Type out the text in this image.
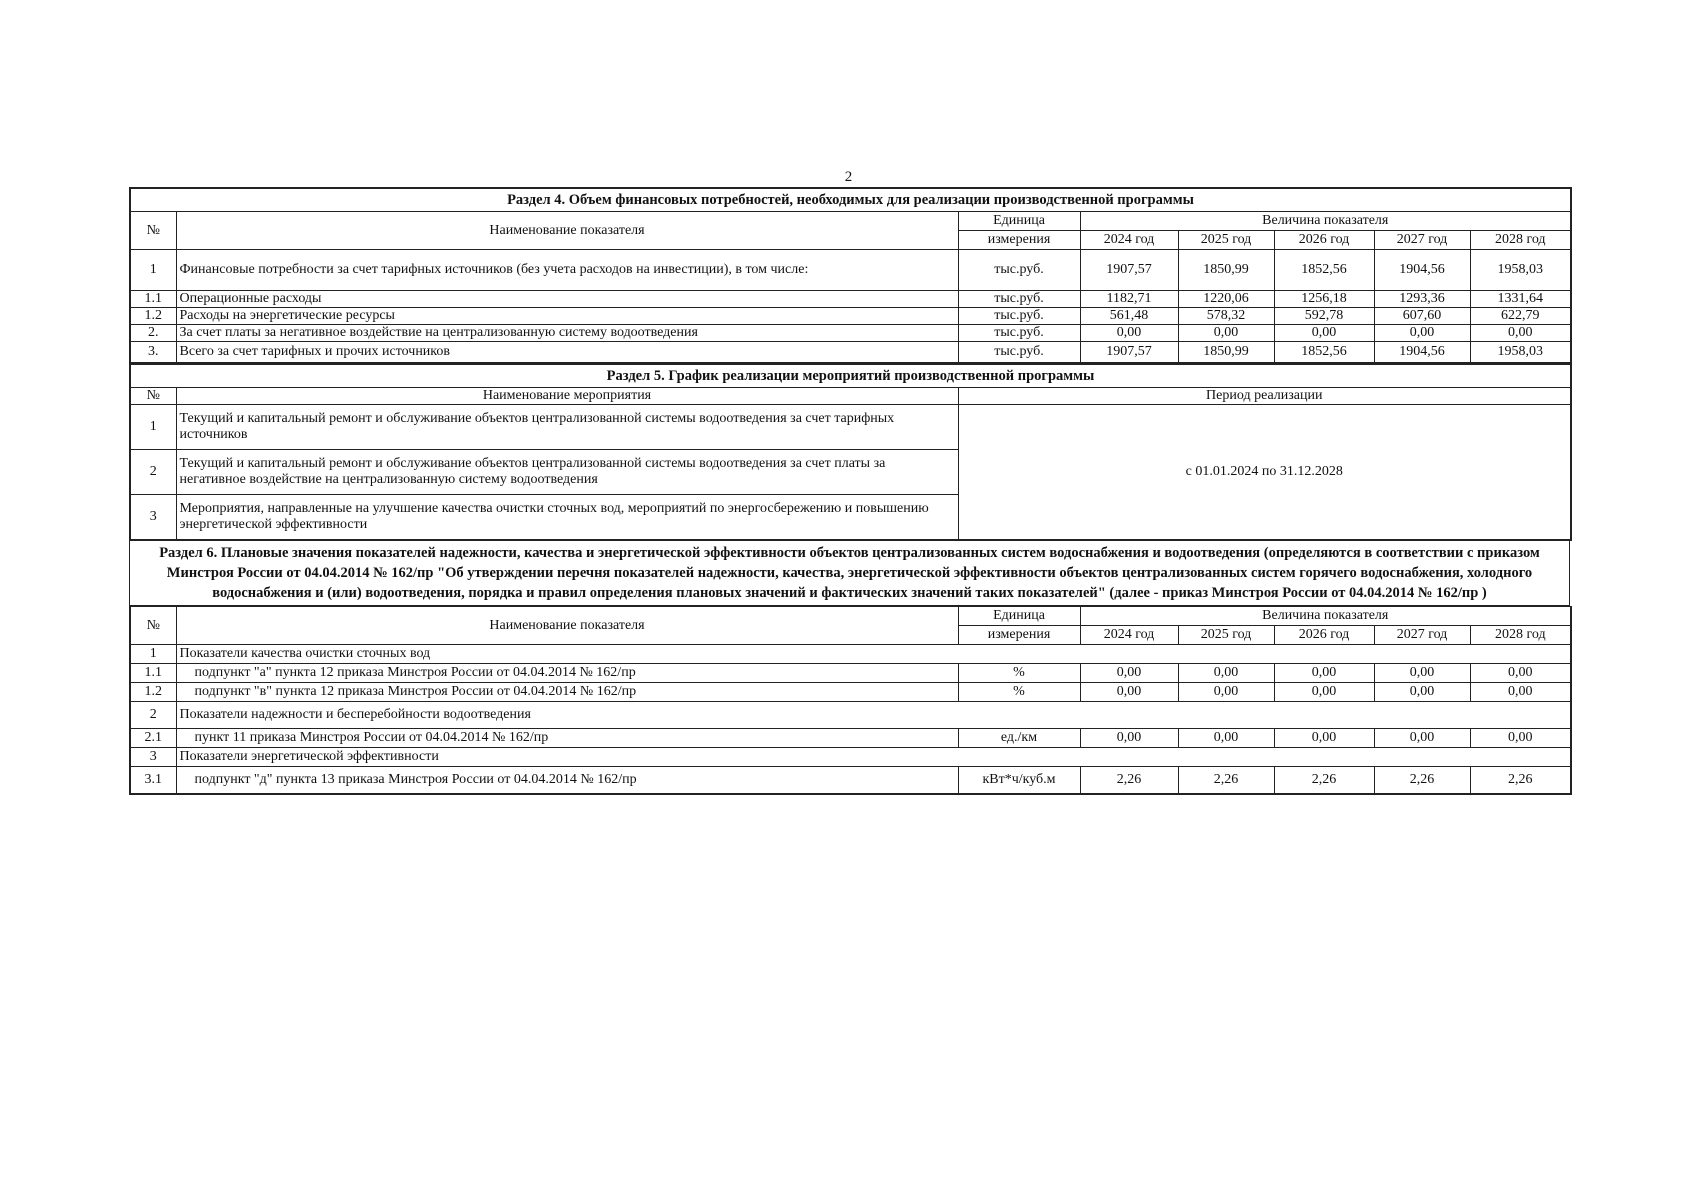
2
Раздел 4. Объем финансовых потребностей, необходимых для реализации производственной программы							
№	Наименование показателя	Единица	Величина показателя				
		измерения	2024 год	2025 год	2026 год	2027 год	2028 год
1	Финансовые потребности за счет тарифных источников (без учета расходов на инвестиции), в том числе:	тыс.руб.	1907,57	1850,99	1852,56	1904,56	1958,03
1.1	Операционные расходы	тыс.руб.	1182,71	1220,06	1256,18	1293,36	1331,64
1.2	Расходы на энергетические ресурсы	тыс.руб.	561,48	578,32	592,78	607,60	622,79
2.	За счет платы за негативное воздействие на централизованную систему водоотведения	тыс.руб.	0,00	0,00	0,00	0,00	0,00
3.	Всего за счет тарифных и прочих источников	тыс.руб.	1907,57	1850,99	1852,56	1904,56	1958,03
Раздел 5. График реализации мероприятий производственной программы		
№	Наименование мероприятия	Период реализации
1	Текущий и капитальный ремонт и обслуживание объектов централизованной системы водоотведения за счет тарифных источников	с 01.01.2024 по 31.12.2028
2	Текущий и капитальный ремонт и обслуживание объектов централизованной системы водоотведения за счет платы за негативное воздействие на централизованную систему водоотведения	
3	Мероприятия, направленные на улучшение качества очистки сточных вод, мероприятий по энергосбережению и повышению энергетической эффективности	
Раздел 6. Плановые значения показателей надежности, качества и энергетической эффективности объектов централизованных систем водоснабжения и водоотведения (определяются в соответствии с приказом Минстроя России от 04.04.2014 № 162/пр "Об утверждении перечня показателей надежности, качества, энергетической эффективности объектов централизованных систем горячего водоснабжения, холодного водоснабжения и (или) водоотведения, порядка и правил определения плановых значений и фактических значений таких показателей" (далее - приказ Минстроя России от 04.04.2014 № 162/пр )
№	Наименование показателя	Единица	Величина показателя				
		измерения	2024 год	2025 год	2026 год	2027 год	2028 год
1	Показатели качества очистки сточных вод						
1.1	подпункт "а" пункта 12 приказа Минстроя России от 04.04.2014 № 162/пр	%	0,00	0,00	0,00	0,00	0,00
1.2	подпункт "в" пункта 12 приказа Минстроя России от 04.04.2014 № 162/пр	%	0,00	0,00	0,00	0,00	0,00
2	Показатели надежности и бесперебойности водоотведения						
2.1	пункт 11 приказа Минстроя России от 04.04.2014 № 162/пр	ед./км	0,00	0,00	0,00	0,00	0,00
3	Показатели энергетической эффективности						
3.1	подпункт "д" пункта 13 приказа Минстроя России от 04.04.2014 № 162/пр	кВт*ч/куб.м	2,26	2,26	2,26	2,26	2,26
